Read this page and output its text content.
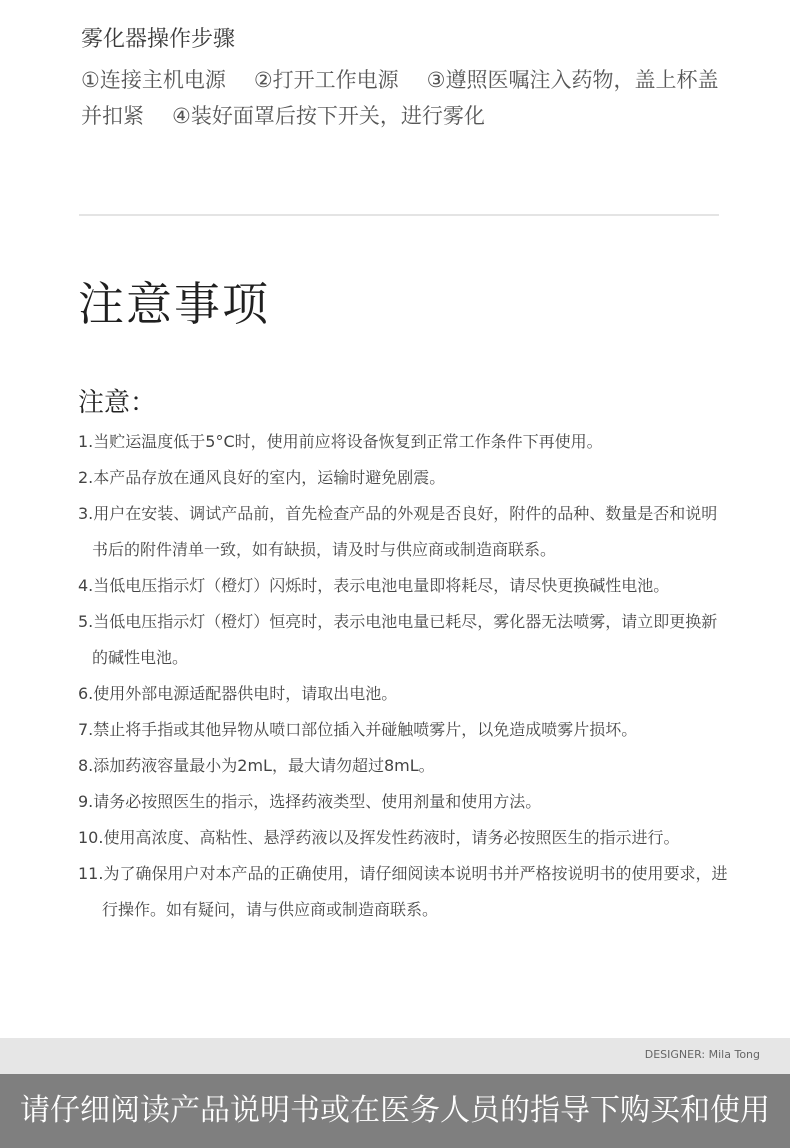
雾化器操作步骤

①连接主机电源 ②打开工作电源 ③遵照医嘱注入药物，盖上杯盖并扣紧 ④装好面罩后按下开关，进行雾化

注意事项
注意：
1.当贮运温度低于5°C时，使用前应将设备恢复到正常工作条件下再使用。
2.本产品存放在通风良好的室内，运输时避免剧震。
3.用户在安装、调试产品前，首先检查产品的外观是否良好，附件的品种、数量是否和说明书后的附件清单一致，如有缺损，请及时与供应商或制造商联系。
4.当低电压指示灯（橙灯）闪烁时，表示电池电量即将耗尽，请尽快更换碱性电池。
5.当低电压指示灯（橙灯）恒亮时，表示电池电量已耗尽，雾化器无法喷雾，请立即更换新的碱性电池。
6.使用外部电源适配器供电时，请取出电池。
7.禁止将手指或其他异物从喷口部位插入并碰触喷雾片，以免造成喷雾片损坏。
8.添加药液容量最小为2mL，最大请勿超过8mL。
9.请务必按照医生的指示，选择药液类型、使用剂量和使用方法。
10.使用高浓度、高粘性、悬浮药液以及挥发性药液时，请务必按照医生的指示进行。
11.为了确保用户对本产品的正确使用，请仔细阅读本说明书并严格按说明书的使用要求，进行操作。如有疑问，请与供应商或制造商联系。
DESIGNER: Mila Tong
请仔细阅读产品说明书或在医务人员的指导下购买和使用
